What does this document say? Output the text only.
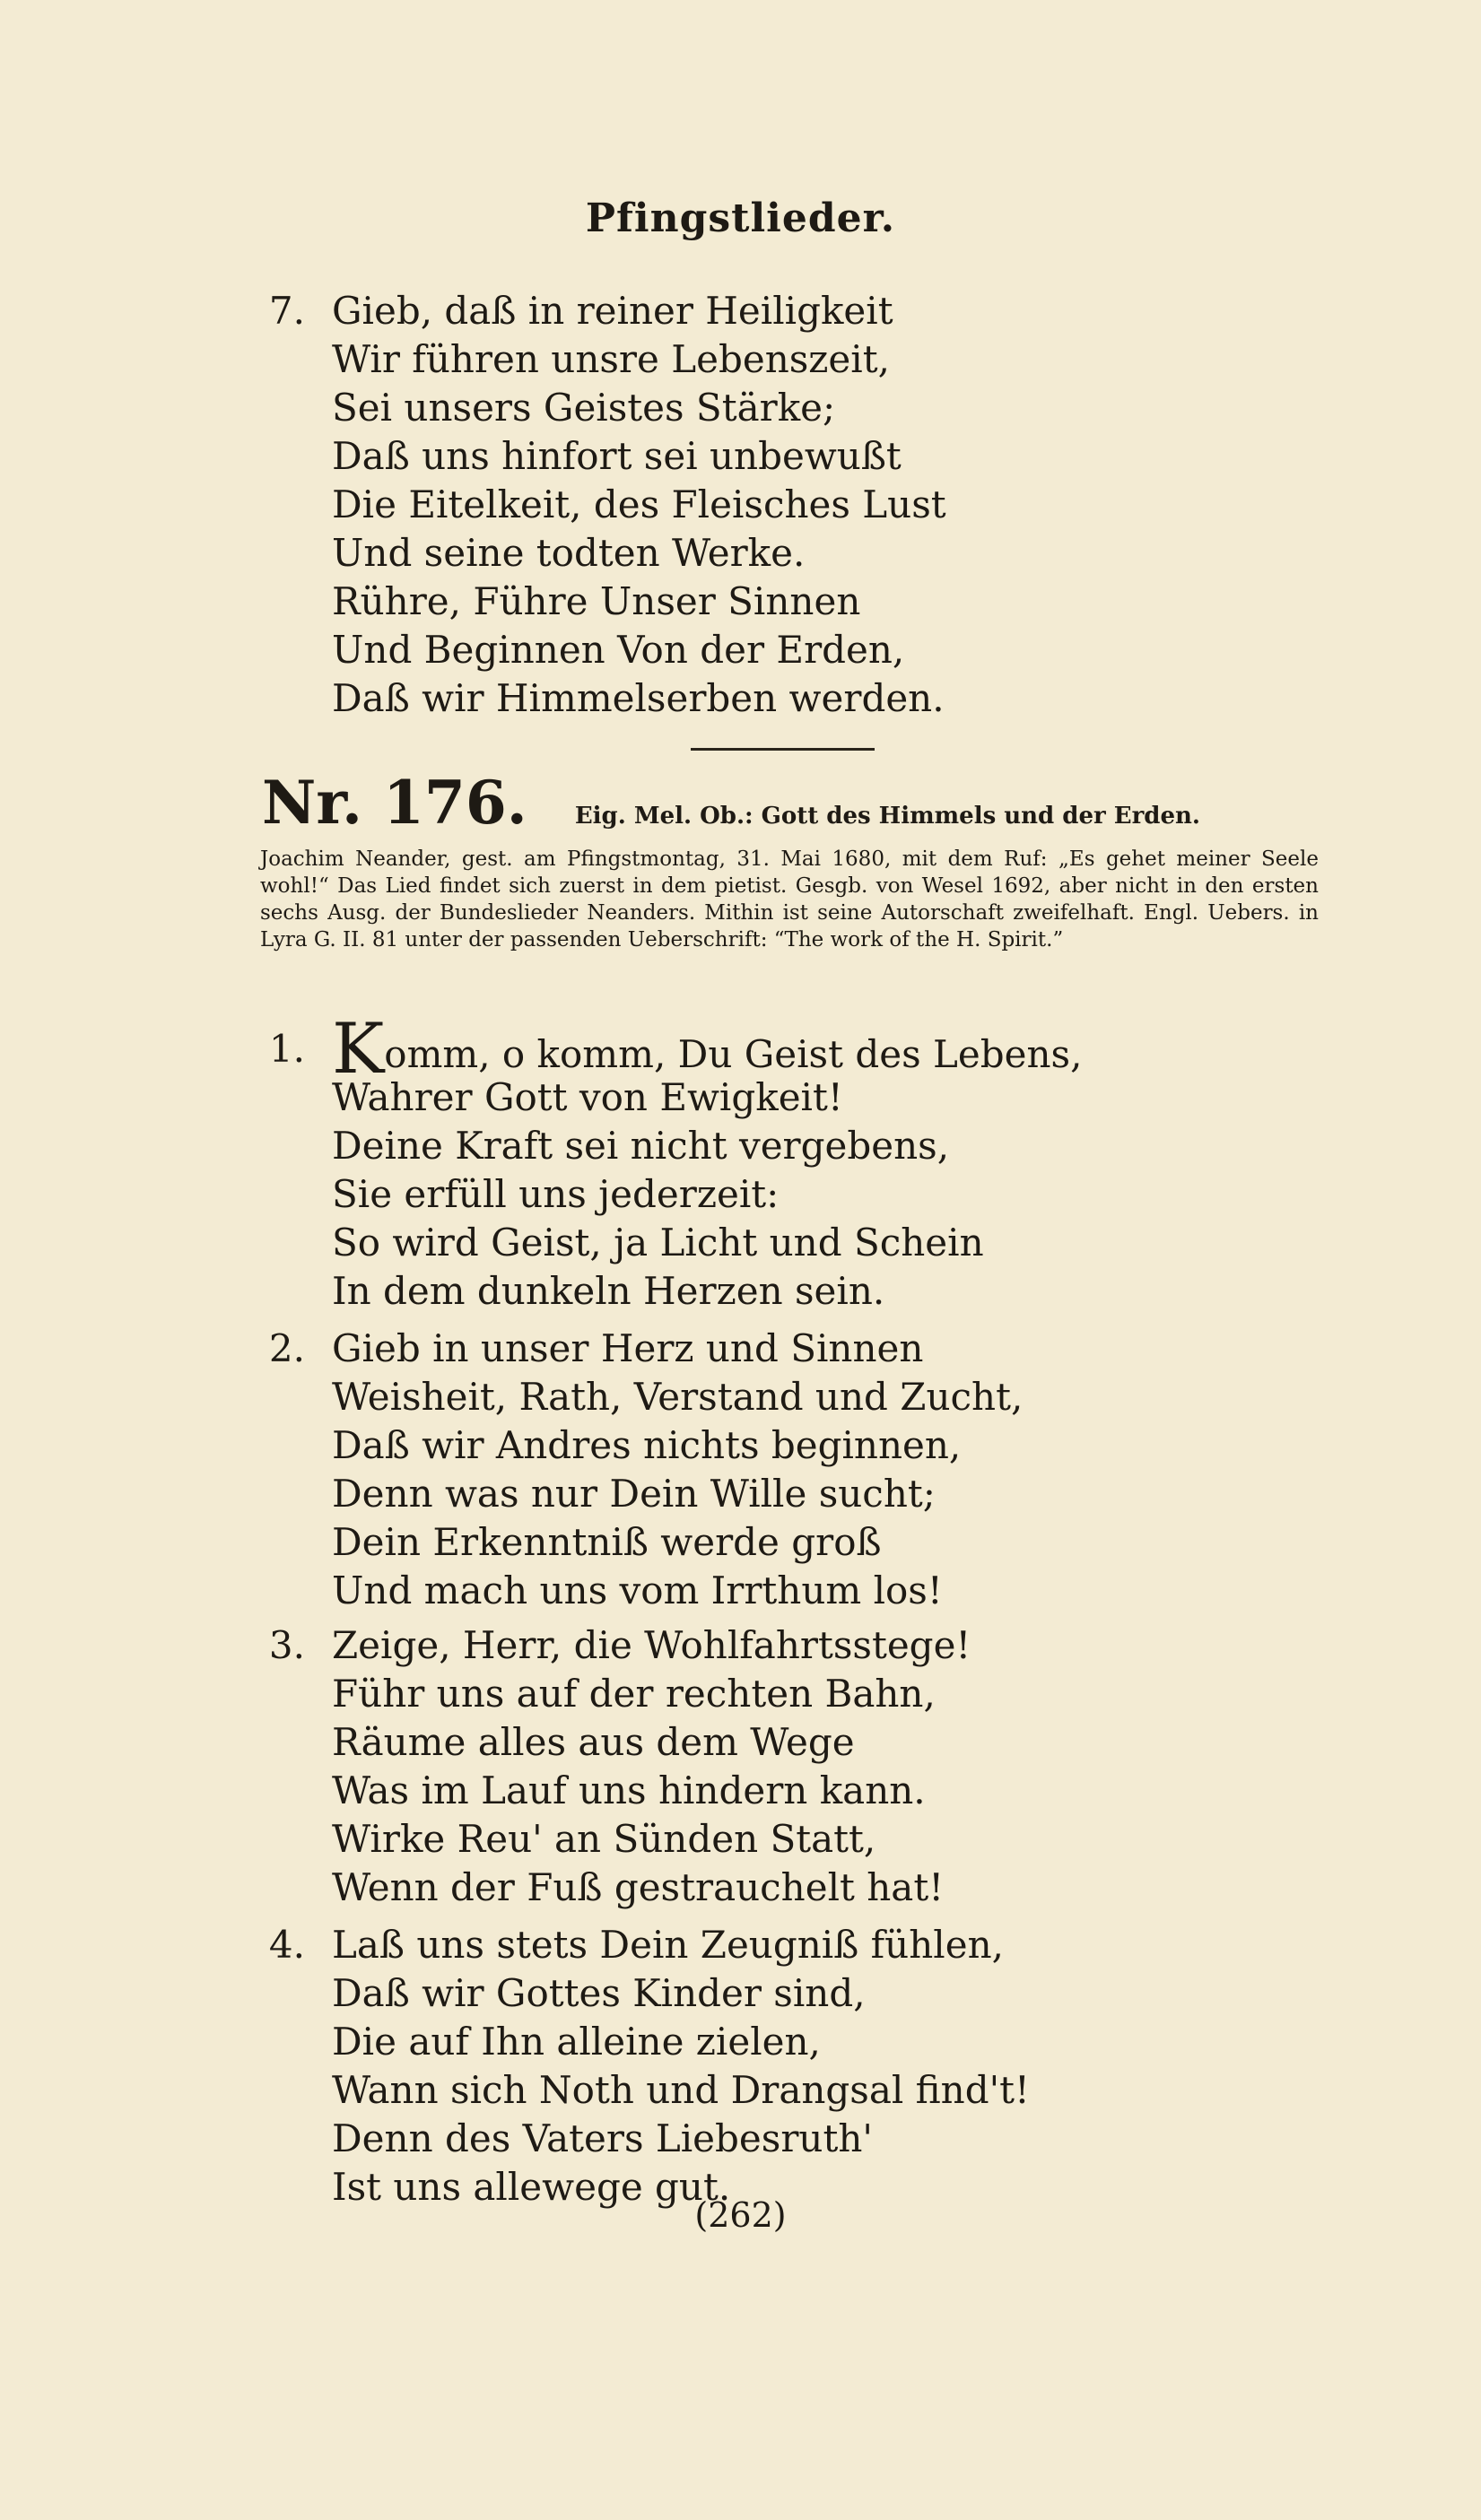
Pfingstlieder.
7. Gieb, daß in reiner Heiligkeit
Wir führen unsre Lebenszeit,
Sei unsers Geistes Stärke;
Daß uns hinfort sei unbewußt
Die Eitelkeit, des Fleisches Lust
Und seine todten Werke.
Rühre, Führe Unser Sinnen
Und Beginnen Von der Erden,
Daß wir Himmelserben werden.
Nr. 176. Eig. Mel. Ob.: Gott des Himmels und der Erden.

Joachim Neander, gest. am Pfingstmontag, 31. Mai 1680, mit dem Ruf: „Es gehet meiner Seele wohl!“ Das Lied findet sich zuerst in dem pietist. Gesgb. von Wesel 1692, aber nicht in den ersten sechs Ausg. der Bundeslieder Neanders. Mithin ist seine Autorschaft zweifelhaft. Engl. Uebers. in Lyra G. II. 81 unter der passenden Ueberschrift: “The work of the H. Spirit.”

1. Komm, o komm, Du Geist des Lebens,
Wahrer Gott von Ewigkeit!
Deine Kraft sei nicht vergebens,
Sie erfüll uns jederzeit:
So wird Geist, ja Licht und Schein
In dem dunkeln Herzen sein.
2. Gieb in unser Herz und Sinnen
Weisheit, Rath, Verstand und Zucht,
Daß wir Andres nichts beginnen,
Denn was nur Dein Wille sucht;
Dein Erkenntniß werde groß
Und mach uns vom Irrthum los!
3. Zeige, Herr, die Wohlfahrtsstege!
Führ uns auf der rechten Bahn,
Räume alles aus dem Wege
Was im Lauf uns hindern kann.
Wirke Reu' an Sünden Statt,
Wenn der Fuß gestrauchelt hat!
4. Laß uns stets Dein Zeugniß fühlen,
Daß wir Gottes Kinder sind,
Die auf Ihn alleine zielen,
Wann sich Noth und Drangsal find't!
Denn des Vaters Liebesruth'
Ist uns allewege gut.
(262)
